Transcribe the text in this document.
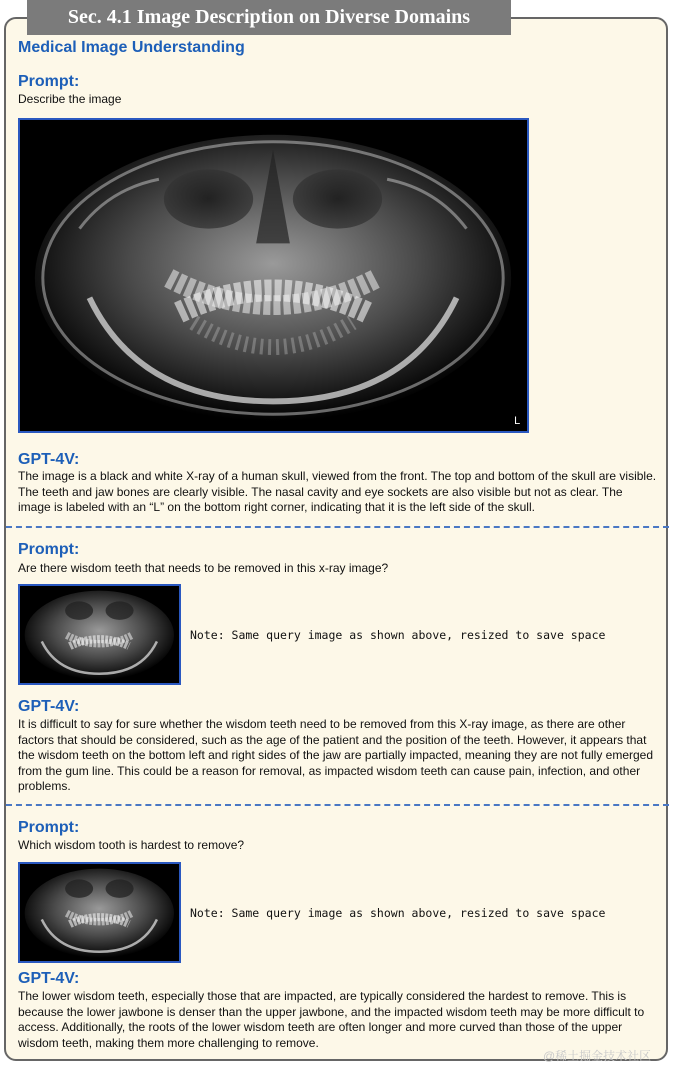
Sec. 4.1 Image Description on Diverse Domains
Medical Image Understanding
Prompt:
Describe the image
L
GPT-4V:
The image is a black and white X-ray of a human skull, viewed from the front. The top and bottom of the skull are visible. The teeth and jaw bones are clearly visible. The nasal cavity and eye sockets are also visible but not as clear. The image is labeled with an “L” on the bottom right corner, indicating that it is the left side of the skull.
Prompt:
Are there wisdom teeth that needs to be removed in this x-ray image?
Note: Same query image as shown above, resized to save space
GPT-4V:
It is difficult to say for sure whether the wisdom teeth need to be removed from this X-ray image, as there are other factors that should be considered, such as the age of the patient and the position of the teeth. However, it appears that the wisdom teeth on the bottom left and right sides of the jaw are partially impacted, meaning they are not fully emerged from the gum line. This could be a reason for removal, as impacted wisdom teeth can cause pain, infection, and other problems.
Prompt:
Which wisdom tooth is hardest to remove?
Note: Same query image as shown above, resized to save space
GPT-4V:
The lower wisdom teeth, especially those that are impacted, are typically considered the hardest to remove. This is because the lower jawbone is denser than the upper jawbone, and the impacted wisdom teeth may be more difficult to access. Additionally, the roots of the lower wisdom teeth are often longer and more curved than those of the upper wisdom teeth, making them more challenging to remove.
@稀土掘金技术社区
